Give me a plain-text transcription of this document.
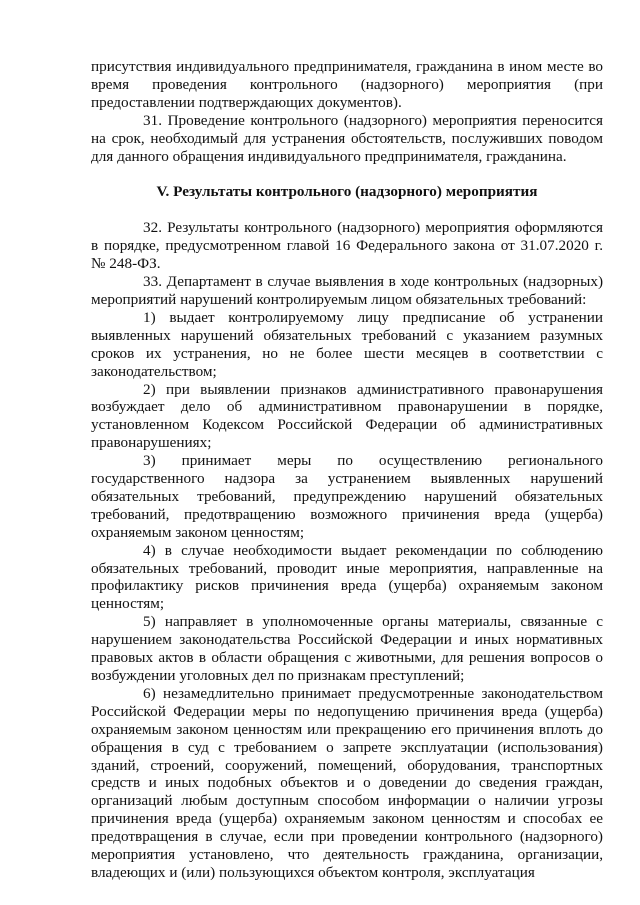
присутствия индивидуального предпринимателя, гражданина в ином месте во время проведения контрольного (надзорного) мероприятия (при предоставлении подтверждающих документов).

31. Проведение контрольного (надзорного) мероприятия переносится на срок, необходимый для устранения обстоятельств, послуживших поводом для данного обращения индивидуального предпринимателя, гражданина.

V. Результаты контрольного (надзорного) мероприятия

32. Результаты контрольного (надзорного) мероприятия оформляются в порядке, предусмотренном главой 16 Федерального закона от 31.07.2020 г. № 248-ФЗ.

33. Департамент в случае выявления в ходе контрольных (надзорных) мероприятий нарушений контролируемым лицом обязательных требований:

1) выдает контролируемому лицу предписание об устранении выявленных нарушений обязательных требований с указанием разумных сроков их устранения, но не более шести месяцев в соответствии с законодательством;

2) при выявлении признаков административного правонарушения возбуждает дело об административном правонарушении в порядке, установленном Кодексом Российской Федерации об административных правонарушениях;

3) принимает меры по осуществлению регионального государственного надзора за устранением выявленных нарушений обязательных требований, предупреждению нарушений обязательных требований, предотвращению возможного причинения вреда (ущерба) охраняемым законом ценностям;

4) в случае необходимости выдает рекомендации по соблюдению обязательных требований, проводит иные мероприятия, направленные на профилактику рисков причинения вреда (ущерба) охраняемым законом ценностям;

5) направляет в уполномоченные органы материалы, связанные с нарушением законодательства Российской Федерации и иных нормативных правовых актов в области обращения с животными, для решения вопросов о возбуждении уголовных дел по признакам преступлений;

6) незамедлительно принимает предусмотренные законодательством Российской Федерации меры по недопущению причинения вреда (ущерба) охраняемым законом ценностям или прекращению его причинения вплоть до обращения в суд с требованием о запрете эксплуатации (использования) зданий, строений, сооружений, помещений, оборудования, транспортных средств и иных подобных объектов и о доведении до сведения граждан, организаций любым доступным способом информации о наличии угрозы причинения вреда (ущерба) охраняемым законом ценностям и способах ее предотвращения в случае, если при проведении контрольного (надзорного) мероприятия установлено, что деятельность гражданина, организации, владеющих и (или) пользующихся объектом контроля, эксплуатация
